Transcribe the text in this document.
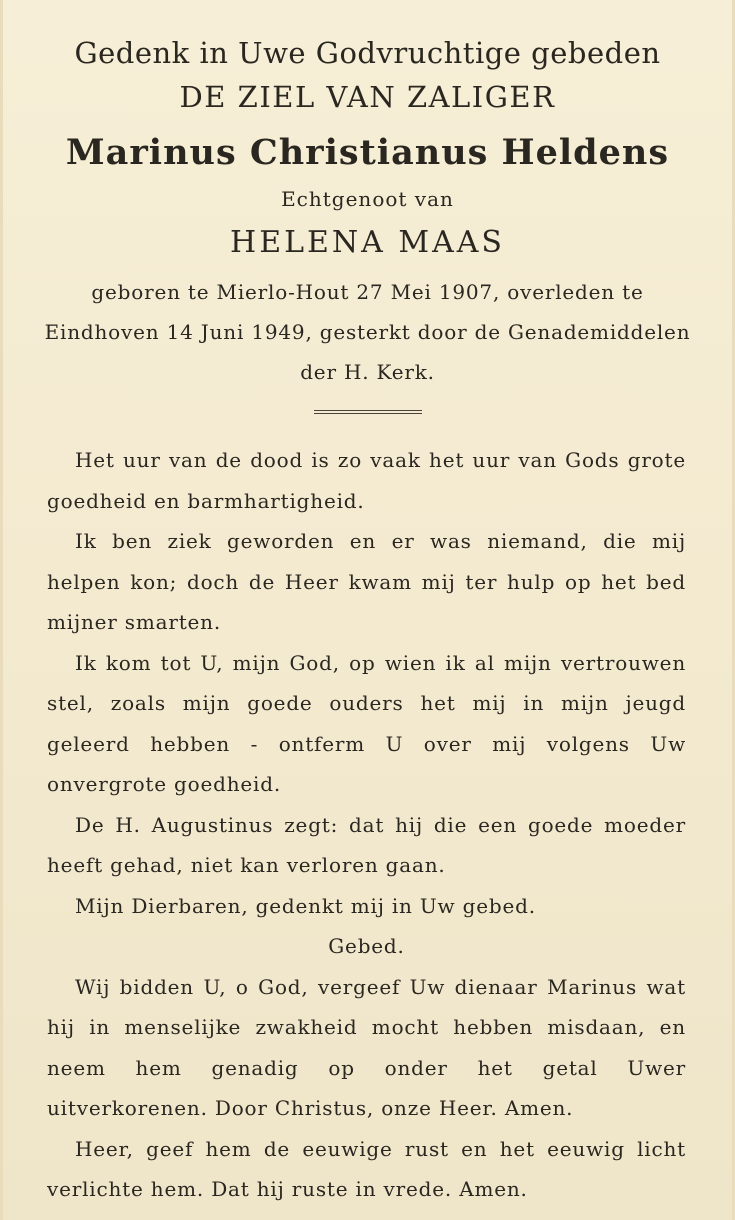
Gedenk in Uwe Godvruchtige gebeden
DE ZIEL VAN ZALIGER
Marinus Christianus Heldens
Echtgenoot van
HELENA MAAS
geboren te Mierlo-Hout 27 Mei 1907, overleden te Eindhoven 14 Juni 1949, gesterkt door de Genademiddelen der H. Kerk.

Het uur van de dood is zo vaak het uur van Gods grote goedheid en barmhartigheid.

Ik ben ziek geworden en er was niemand, die mij helpen kon; doch de Heer kwam mij ter hulp op het bed mijner smarten.

Ik kom tot U, mijn God, op wien ik al mijn vertrouwen stel, zoals mijn goede ouders het mij in mijn jeugd geleerd hebben - ontferm U over mij volgens Uw onvergrote goedheid.

De H. Augustinus zegt: dat hij die een goede moeder heeft gehad, niet kan verloren gaan.

Mijn Dierbaren, gedenkt mij in Uw gebed.

Gebed.

Wij bidden U, o God, vergeef Uw dienaar Marinus wat hij in menselijke zwakheid mocht hebben misdaan, en neem hem genadig op onder het getal Uwer uitverkorenen. Door Christus, onze Heer. Amen.

Heer, geef hem de eeuwige rust en het eeuwig licht verlichte hem. Dat hij ruste in vrede. Amen.
